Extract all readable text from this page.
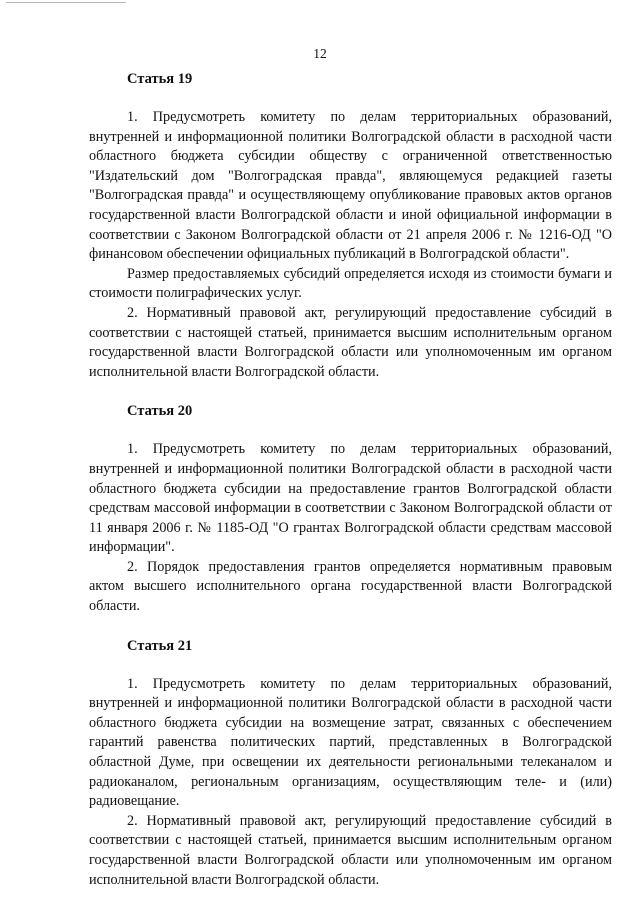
12

Статья 19

1. Предусмотреть комитету по делам территориальных образований, внутренней и информационной политики Волгоградской области в расходной части областного бюджета субсидии обществу с ограниченной ответственностью "Издательский дом "Волгоградская правда", являющемуся редакцией газеты "Волгоградская правда" и осуществляющему опубликование правовых актов органов государственной власти Волгоградской области и иной официальной информации в соответствии с Законом Волгоградской области от 21 апреля 2006 г. № 1216-ОД "О финансовом обеспечении официальных публикаций в Волгоградской области".

Размер предоставляемых субсидий определяется исходя из стоимости бумаги и стоимости полиграфических услуг.

2. Нормативный правовой акт, регулирующий предоставление субсидий в соответствии с настоящей статьей, принимается высшим исполнительным органом государственной власти Волгоградской области или уполномоченным им органом исполнительной власти Волгоградской области.

Статья 20

1. Предусмотреть комитету по делам территориальных образований, внутренней и информационной политики Волгоградской области в расходной части областного бюджета субсидии на предоставление грантов Волгоградской области средствам массовой информации в соответствии с Законом Волгоградской области от 11 января 2006 г. № 1185-ОД "О грантах Волгоградской области средствам массовой информации".

2. Порядок предоставления грантов определяется нормативным правовым актом высшего исполнительного органа государственной власти Волгоградской области.

Статья 21

1. Предусмотреть комитету по делам территориальных образований, внутренней и информационной политики Волгоградской области в расходной части областного бюджета субсидии на возмещение затрат, связанных с обеспечением гарантий равенства политических партий, представленных в Волгоградской областной Думе, при освещении их деятельности региональными телеканалом и радиоканалом, региональным организациям, осуществляющим теле- и (или) радиовещание.

2. Нормативный правовой акт, регулирующий предоставление субсидий в соответствии с настоящей статьей, принимается высшим исполнительным органом государственной власти Волгоградской области или уполномоченным им органом исполнительной власти Волгоградской области.
